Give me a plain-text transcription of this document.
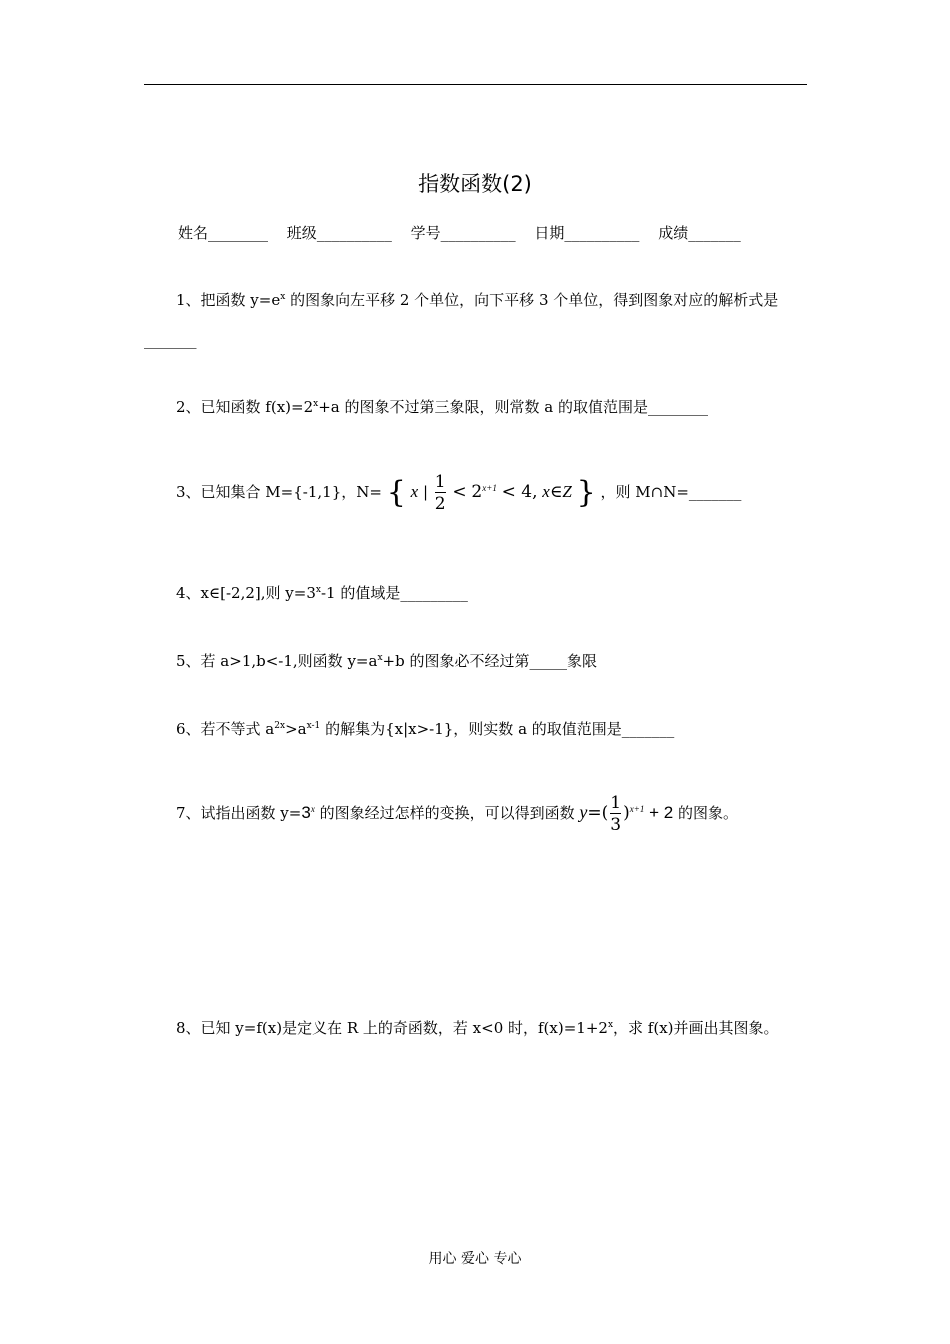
指数函数(2)
姓名________ 班级__________ 学号__________ 日期__________ 成绩_______
1、把函数 $y=e^x$ 的图象向左平移 2 个单位，向下平移 3 个单位，得到图象对应的解析式是
_______
2、已知函数 $f(x)=2^x+a$ 的图象不过第三象限，则常数 a 的取值范围是________
3、已知集合 M={-1,1}，N= { x | $\frac{1}{2} < 2^{x+1} < 4$, x∈Z } ，则 M∩N=_______
4、x∈[-2,2],则 $y=3^x-1$ 的值域是_________
5、若 a>1,b<-1,则函数 $y=a^x+b$ 的图象必不经过第_____象限
6、若不等式 $a^{2x}>a^{x-1}$ 的解集为{x|x>-1}，则实数 a 的取值范围是_______
7、试指出函数 $y=3^x$ 的图象经过怎样的变换，可以得到函数 $y=( \frac{1}{3} )^{x+1} + 2$ 的图象。
8、已知 y=f(x)是定义在 R 上的奇函数，若 x<0 时，$f(x)=1+2^x$，求 f(x)并画出其图象。
用心 爱心 专心
